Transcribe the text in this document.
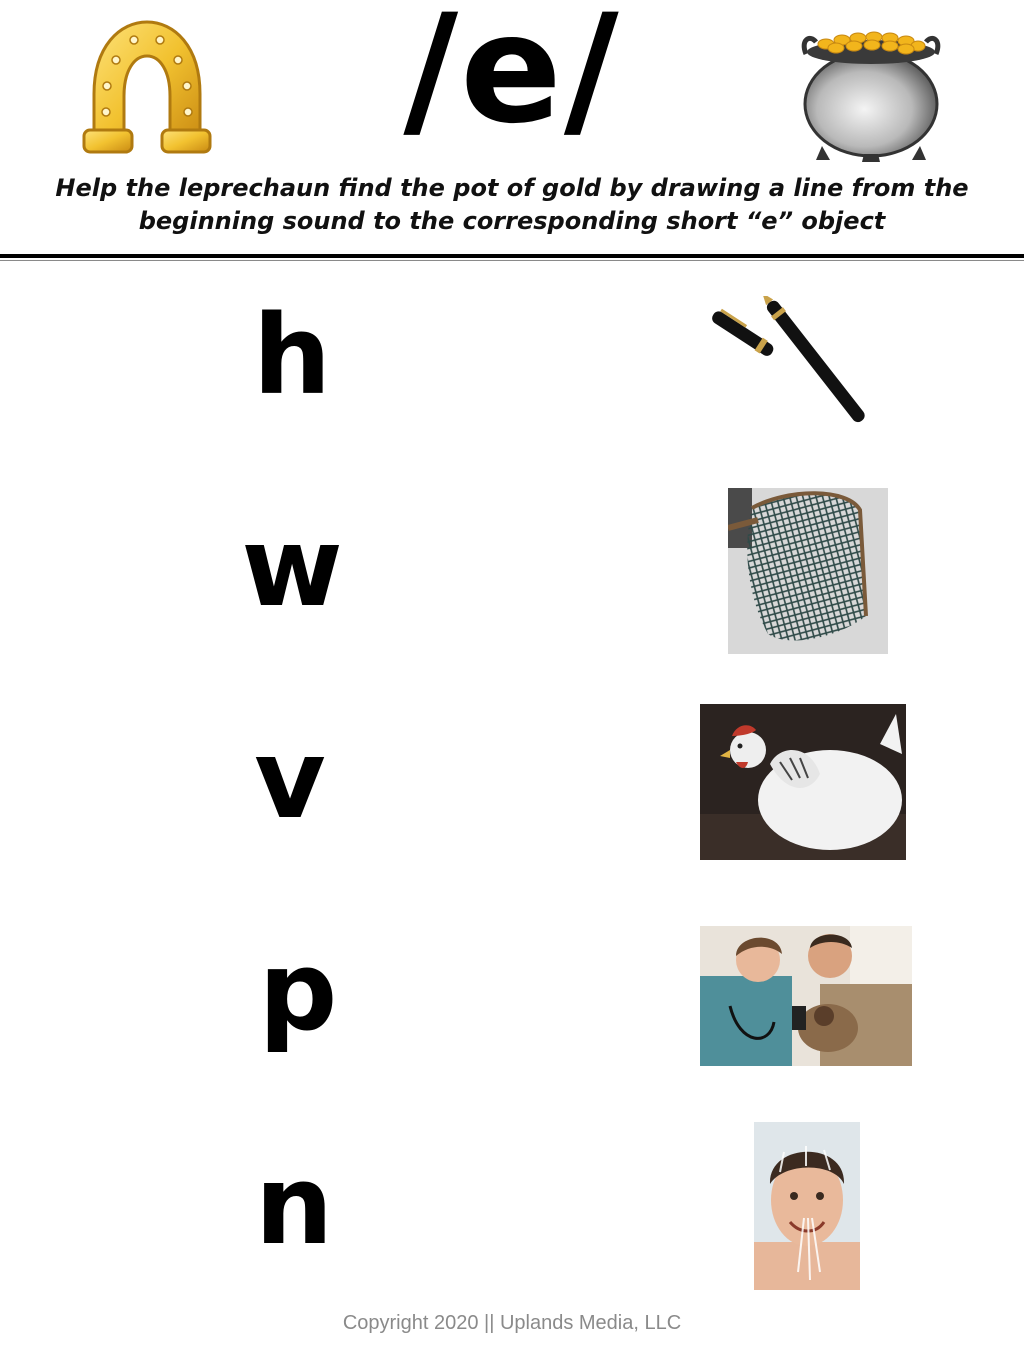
/e/
Help the leprechaun find the pot of gold by drawing a line from the
beginning sound to the corresponding short “e” object
h
w
v
p
n
Copyright 2020 || Uplands Media, LLC
